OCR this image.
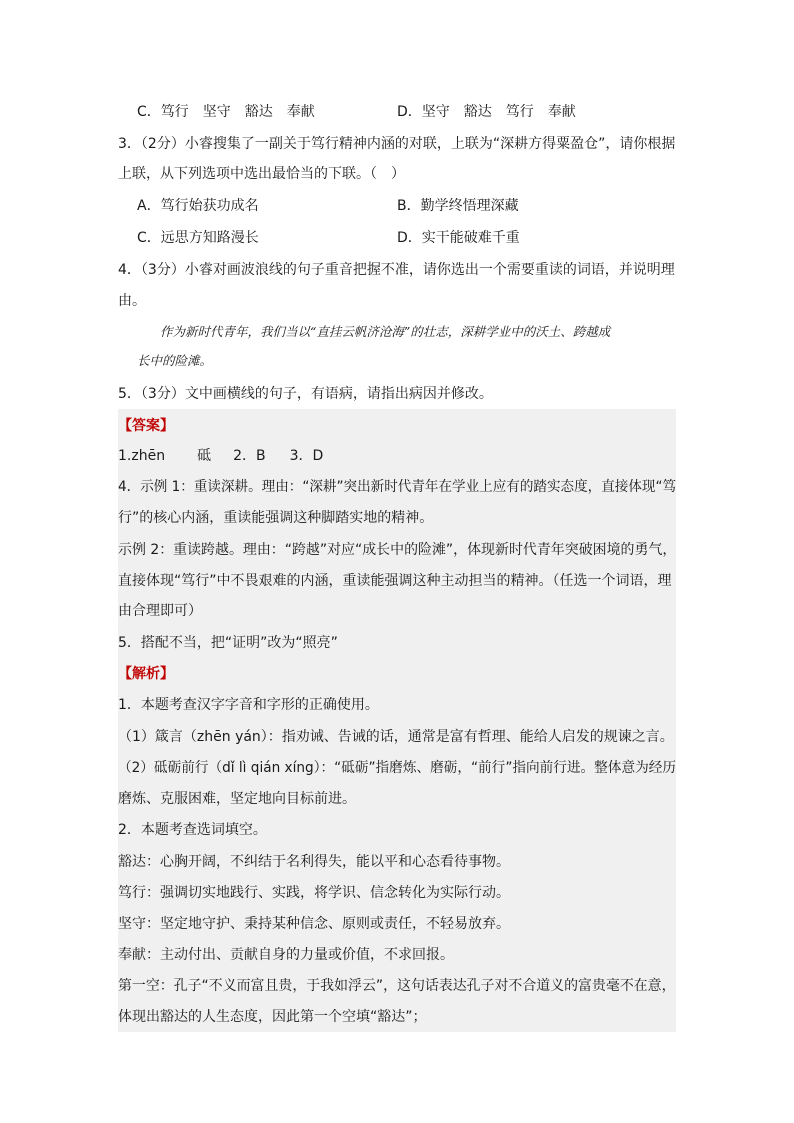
C．笃行　坚守　豁达　奉献	D．坚守　豁达　笃行　奉献
3．（2分）小睿搜集了一副关于笃行精神内涵的对联，上联为“深耕方得粟盈仓”，请你根据
上联，从下列选项中选出最恰当的下联。（　）
A．笃行始获功成名	B．勤学终悟理深藏
C．远思方知路漫长	D．实干能破难千重
4．（3分）小睿对画波浪线的句子重音把握不准，请你选出一个需要重读的词语，并说明理
由。
作为新时代青年，我们当以“直挂云帆济沧海”的壮志，深耕学业中的沃土、跨越成
长中的险滩。
5．（3分）文中画横线的句子，有语病，请指出病因并修改。
【答案】
1.zhēn 砥 2．B 3．D
4．示例 1：重读深耕。理由：“深耕”突出新时代青年在学业上应有的踏实态度，直接体现“笃
行”的核心内涵，重读能强调这种脚踏实地的精神。
示例 2：重读跨越。理由：“跨越”对应“成长中的险滩”，体现新时代青年突破困境的勇气，
直接体现“笃行”中不畏艰难的内涵，重读能强调这种主动担当的精神。（任选一个词语，理
由合理即可）
5．搭配不当，把“证明”改为“照亮”
【解析】
1．本题考查汉字字音和字形的正确使用。
（1）箴言（zhēn yán）：指劝诫、告诫的话，通常是富有哲理、能给人启发的规谏之言。
（2）砥砺前行（dǐ lì qián xíng）：“砥砺”指磨炼、磨砺，“前行”指向前行进。整体意为经历
磨炼、克服困难，坚定地向目标前进。
2．本题考查选词填空。
豁达：心胸开阔，不纠结于名利得失，能以平和心态看待事物。
笃行：强调切实地践行、实践，将学识、信念转化为实际行动。
坚守：坚定地守护、秉持某种信念、原则或责任，不轻易放弃。
奉献：主动付出、贡献自身的力量或价值，不求回报。
第一空：孔子“不义而富且贵，于我如浮云”，这句话表达孔子对不合道义的富贵毫不在意，
体现出豁达的人生态度，因此第一个空填“豁达”；
